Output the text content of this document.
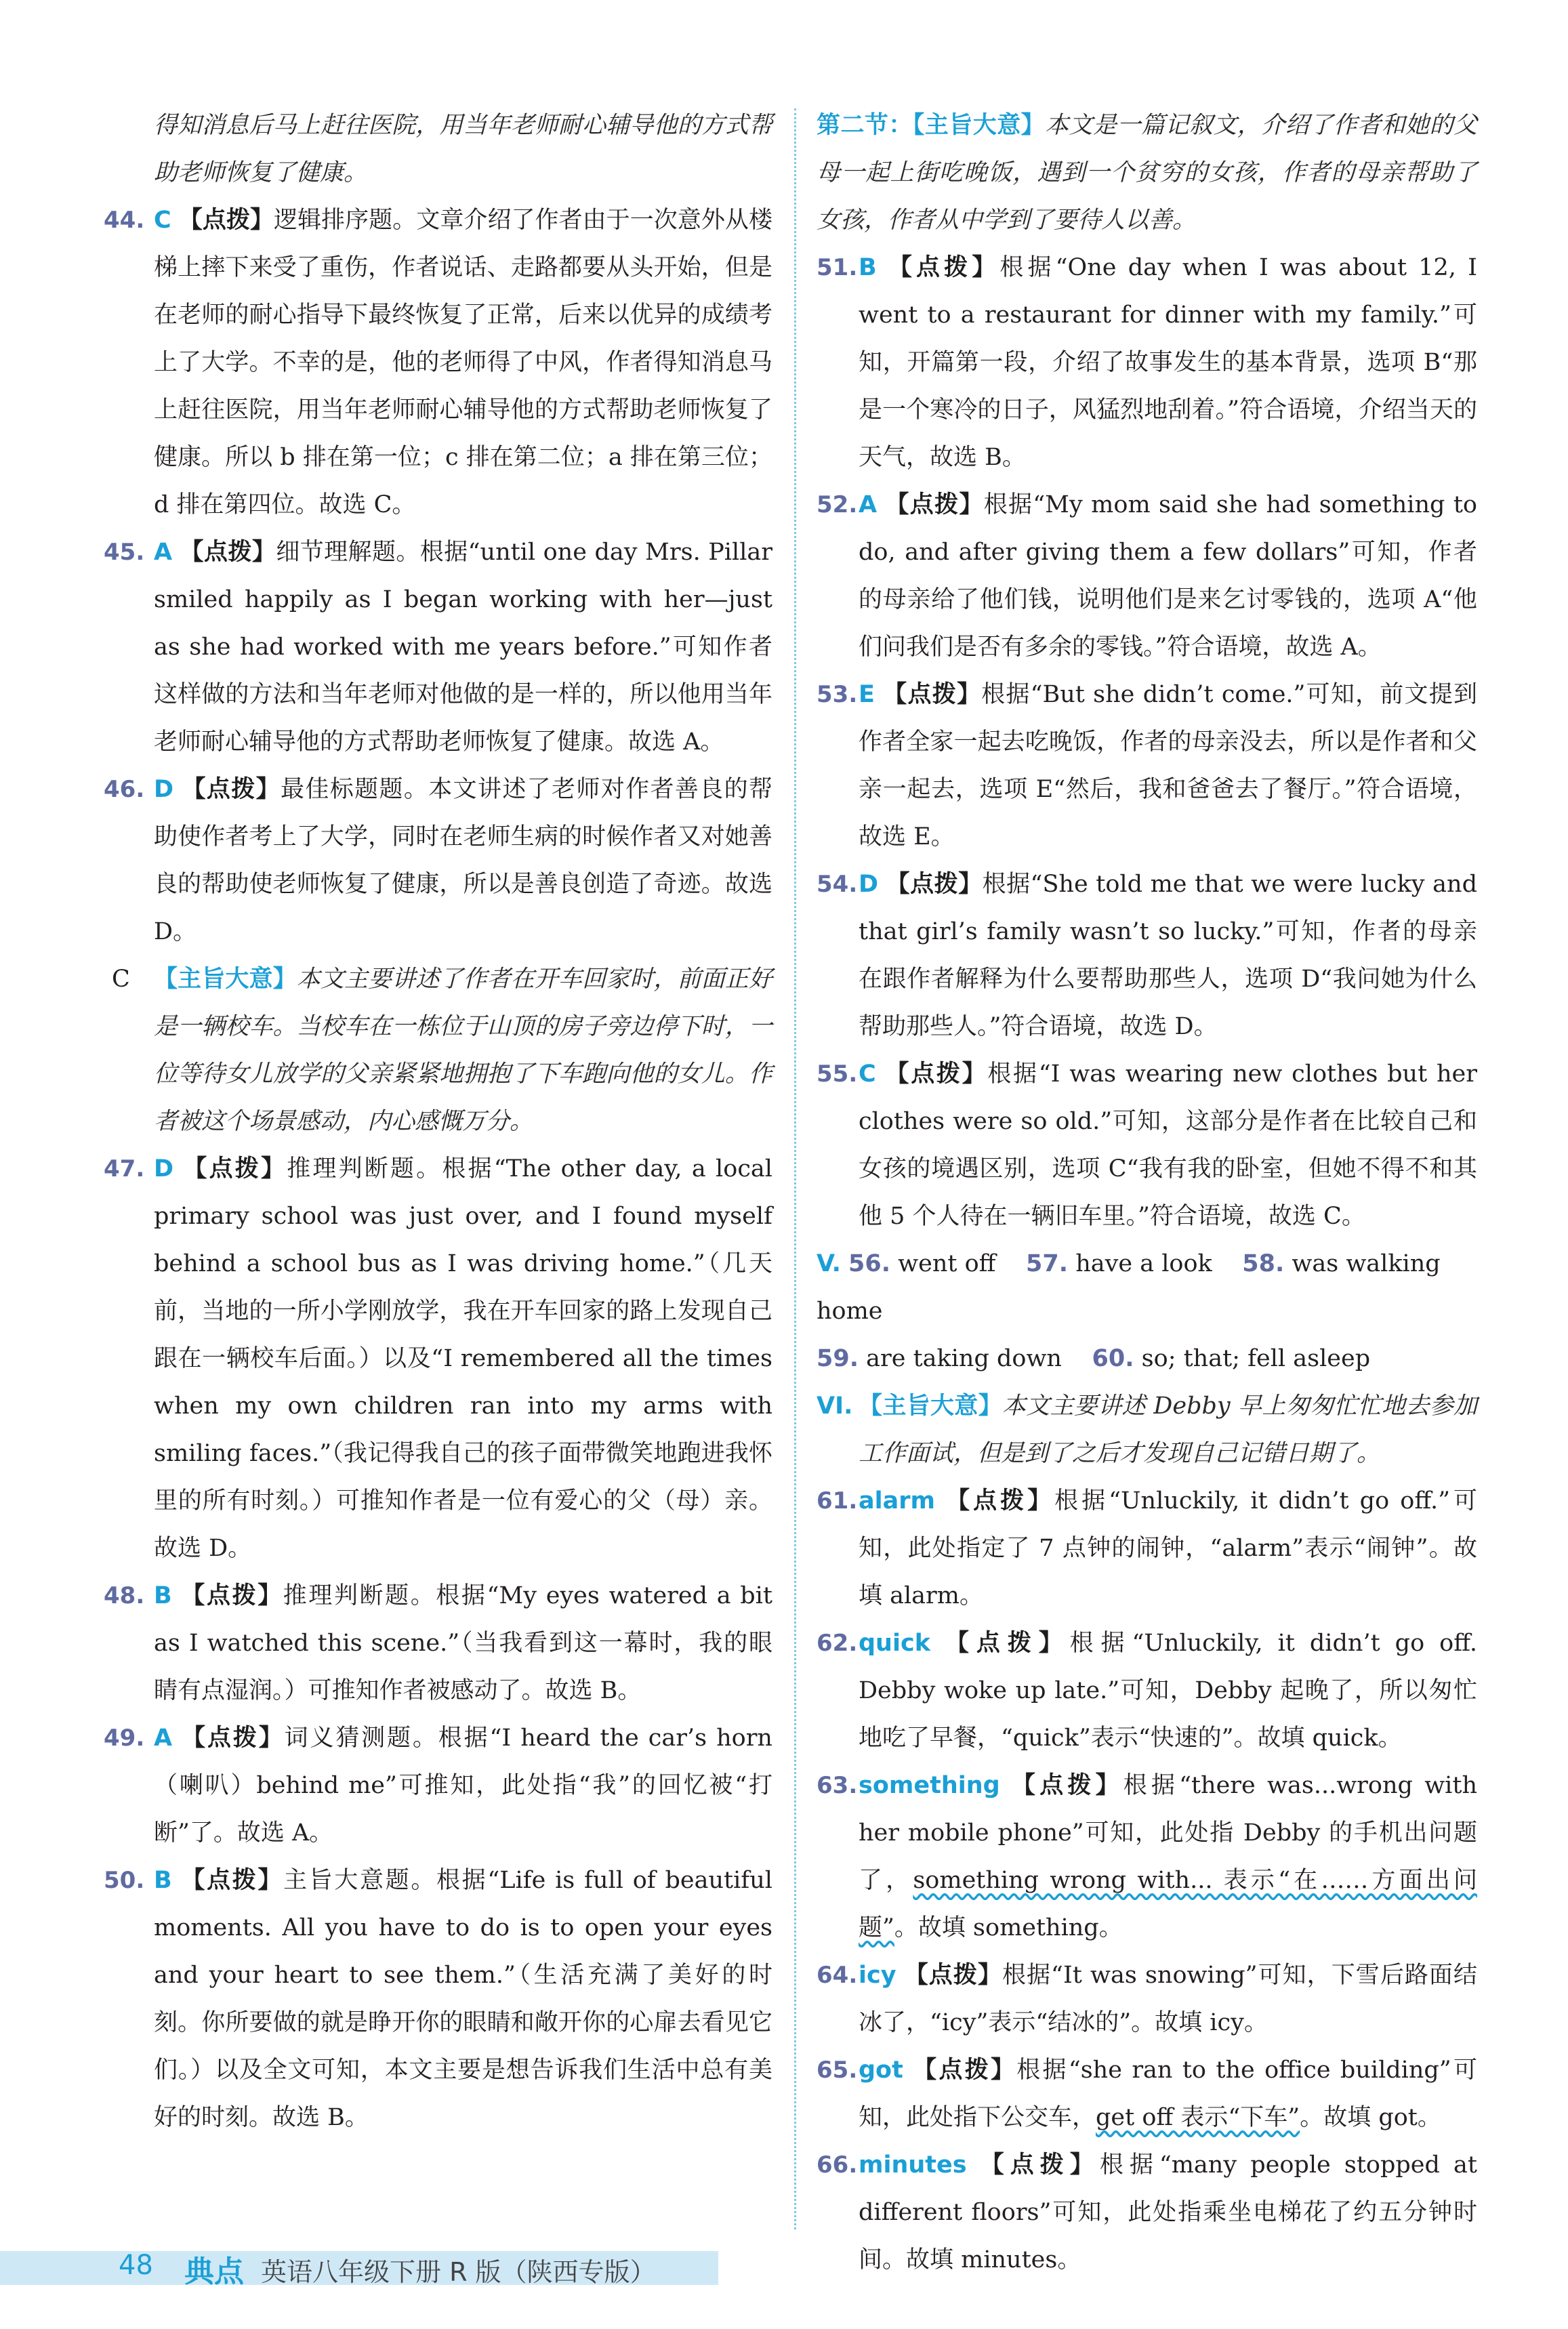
得知消息后马上赶往医院，用当年老师耐心辅导他的方式帮助老师恢复了健康。
44. C 【点拨】逻辑排序题。文章介绍了作者由于一次意外从楼梯上摔下来受了重伤，作者说话、走路都要从头开始，但是在老师的耐心指导下最终恢复了正常，后来以优异的成绩考上了大学。不幸的是，他的老师得了中风，作者得知消息马上赶往医院，用当年老师耐心辅导他的方式帮助老师恢复了健康。所以 b 排在第一位；c 排在第二位；a 排在第三位；d 排在第四位。故选 C。
45. A 【点拨】细节理解题。根据“until one day Mrs. Pillar smiled happily as I began working with her—just as she had worked with me years before.”可知作者这样做的方法和当年老师对他做的是一样的，所以他用当年老师耐心辅导他的方式帮助老师恢复了健康。故选 A。
46. D 【点拨】最佳标题题。本文讲述了老师对作者善良的帮助使作者考上了大学，同时在老师生病的时候作者又对她善良的帮助使老师恢复了健康，所以是善良创造了奇迹。故选 D。
C 【主旨大意】本文主要讲述了作者在开车回家时，前面正好是一辆校车。当校车在一栋位于山顶的房子旁边停下时，一位等待女儿放学的父亲紧紧地拥抱了下车跑向他的女儿。作者被这个场景感动，内心感慨万分。
47. D 【点拨】推理判断题。根据“The other day, a local primary school was just over, and I found myself behind a school bus as I was driving home.”（几天前，当地的一所小学刚放学，我在开车回家的路上发现自己跟在一辆校车后面。）以及“I remembered all the times when my own children ran into my arms with smiling faces.”（我记得我自己的孩子面带微笑地跑进我怀里的所有时刻。）可推知作者是一位有爱心的父（母）亲。故选 D。
48. B 【点拨】推理判断题。根据“My eyes watered a bit as I watched this scene.”（当我看到这一幕时，我的眼睛有点湿润。）可推知作者被感动了。故选 B。
49. A 【点拨】词义猜测题。根据“I heard the car’s horn（喇叭）behind me”可推知，此处指“我”的回忆被“打断”了。故选 A。
50. B 【点拨】主旨大意题。根据“Life is full of beautiful moments. All you have to do is to open your eyes and your heart to see them.”（生活充满了美好的时刻。你所要做的就是睁开你的眼睛和敞开你的心扉去看见它们。）以及全文可知，本文主要是想告诉我们生活中总有美好的时刻。故选 B。
第二节：【主旨大意】本文是一篇记叙文，介绍了作者和她的父母一起上街吃晚饭，遇到一个贫穷的女孩，作者的母亲帮助了女孩，作者从中学到了要待人以善。
51. B 【点拨】根据“One day when I was about 12, I went to a restaurant for dinner with my family.”可知，开篇第一段，介绍了故事发生的基本背景，选项 B“那是一个寒冷的日子，风猛烈地刮着。”符合语境，介绍当天的天气，故选 B。
52. A 【点拨】根据“My mom said she had something to do, and after giving them a few dollars”可知，作者的母亲给了他们钱，说明他们是来乞讨零钱的，选项 A“他们问我们是否有多余的零钱。”符合语境，故选 A。
53. E 【点拨】根据“But she didn’t come.”可知，前文提到作者全家一起去吃晚饭，作者的母亲没去，所以是作者和父亲一起去，选项 E“然后，我和爸爸去了餐厅。”符合语境，故选 E。
54. D 【点拨】根据“She told me that we were lucky and that girl’s family wasn’t so lucky.”可知，作者的母亲在跟作者解释为什么要帮助那些人，选项 D“我问她为什么帮助那些人。”符合语境，故选 D。
55. C 【点拨】根据“I was wearing new clothes but her clothes were so old.”可知，这部分是作者在比较自己和女孩的境遇区别，选项 C“我有我的卧室，但她不得不和其他 5 个人待在一辆旧车里。”符合语境，故选 C。
V. 56. went off 57. have a look 58. was walking home
59. are taking down 60. so; that; fell asleep
VI. 【主旨大意】本文主要讲述 Debby 早上匆匆忙忙地去参加工作面试，但是到了之后才发现自己记错日期了。
61. alarm 【点拨】根据“Unluckily, it didn’t go off.”可知，此处指定了 7 点钟的闹钟，“alarm”表示“闹钟”。故填 alarm。
62. quick 【点拨】根据“Unluckily, it didn’t go off. Debby woke up late.”可知，Debby 起晚了，所以匆忙地吃了早餐，“quick”表示“快速的”。故填 quick。
63. something 【点拨】根据“there was...wrong with her mobile phone”可知，此处指 Debby 的手机出问题了，something wrong with... 表示“在……方面出问题”。故填 something。
64. icy 【点拨】根据“It was snowing”可知，下雪后路面结冰了，“icy”表示“结冰的”。故填 icy。
65. got 【点拨】根据“she ran to the office building”可知，此处指下公交车，get off 表示“下车”。故填 got。
66. minutes 【点拨】根据“many people stopped at different floors”可知，此处指乘坐电梯花了约五分钟时间。故填 minutes。
48 典点 英语八年级下册 R 版（陕西专版）
